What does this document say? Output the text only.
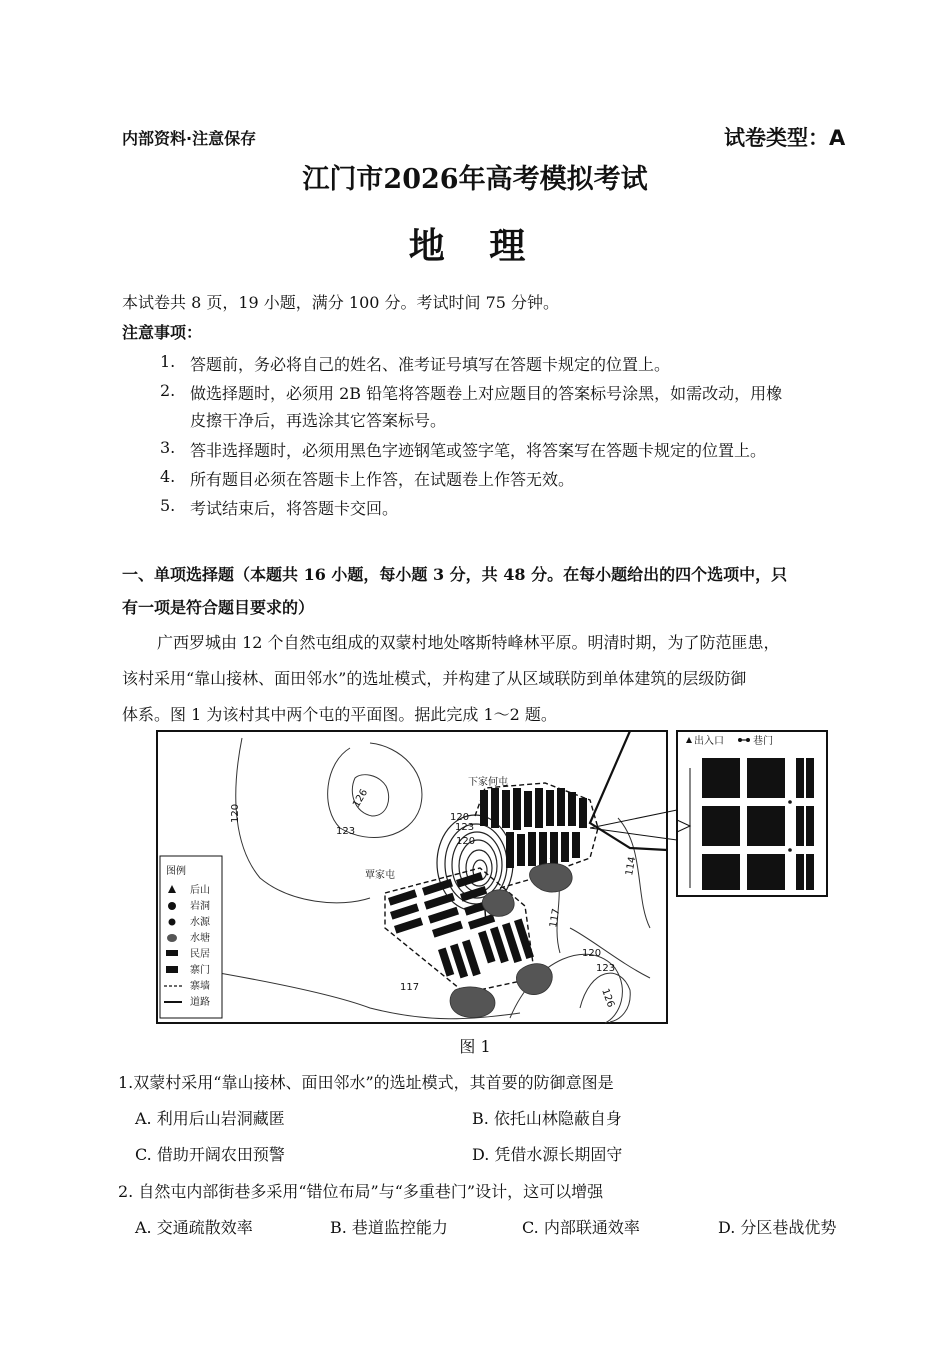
内部资料·注意保存	试卷类型：A
江门市2026年高考模拟考试
地 理
本试卷共 8 页，19 小题，满分 100 分。考试时间 75 分钟。
注意事项：
1. 答题前，务必将自己的姓名、准考证号填写在答题卡规定的位置上。
2. 做选择题时，必须用 2B 铅笔将答题卷上对应题目的答案标号涂黑，如需改动，用橡
皮擦干净后，再选涂其它答案标号。
3. 答非选择题时，必须用黑色字迹钢笔或签字笔，将答案写在答题卡规定的位置上。
4. 所有题目必须在答题卡上作答，在试题卷上作答无效。
5. 考试结束后，将答题卡交回。
一、单项选择题（本题共 16 小题，每小题 3 分，共 48 分。在每小题给出的四个选项中，只
有一项是符合题目要求的）
广西罗城由 12 个自然屯组成的双蒙村地处喀斯特峰林平原。明清时期，为了防范匪患，
该村采用“靠山接林、面田邻水”的选址模式，并构建了从区域联防到单体建筑的层级防御
体系。图 1 为该村其中两个屯的平面图。据此完成 1～2 题。
下家何屯
覃家屯
120
126
123
120
123
120
114
117
120
123
126
117
图例
后山
岩洞
水源
水塘
民居
寨门
寨墙
道路
出入口	巷门
图 1
1.双蒙村采用“靠山接林、面田邻水”的选址模式，其首要的防御意图是
A. 利用后山岩洞藏匿	B. 依托山林隐蔽自身
C. 借助开阔农田预警	D. 凭借水源长期固守
2. 自然屯内部街巷多采用“错位布局”与“多重巷门”设计，这可以增强
A. 交通疏散效率	B. 巷道监控能力	C. 内部联通效率	D. 分区巷战优势
